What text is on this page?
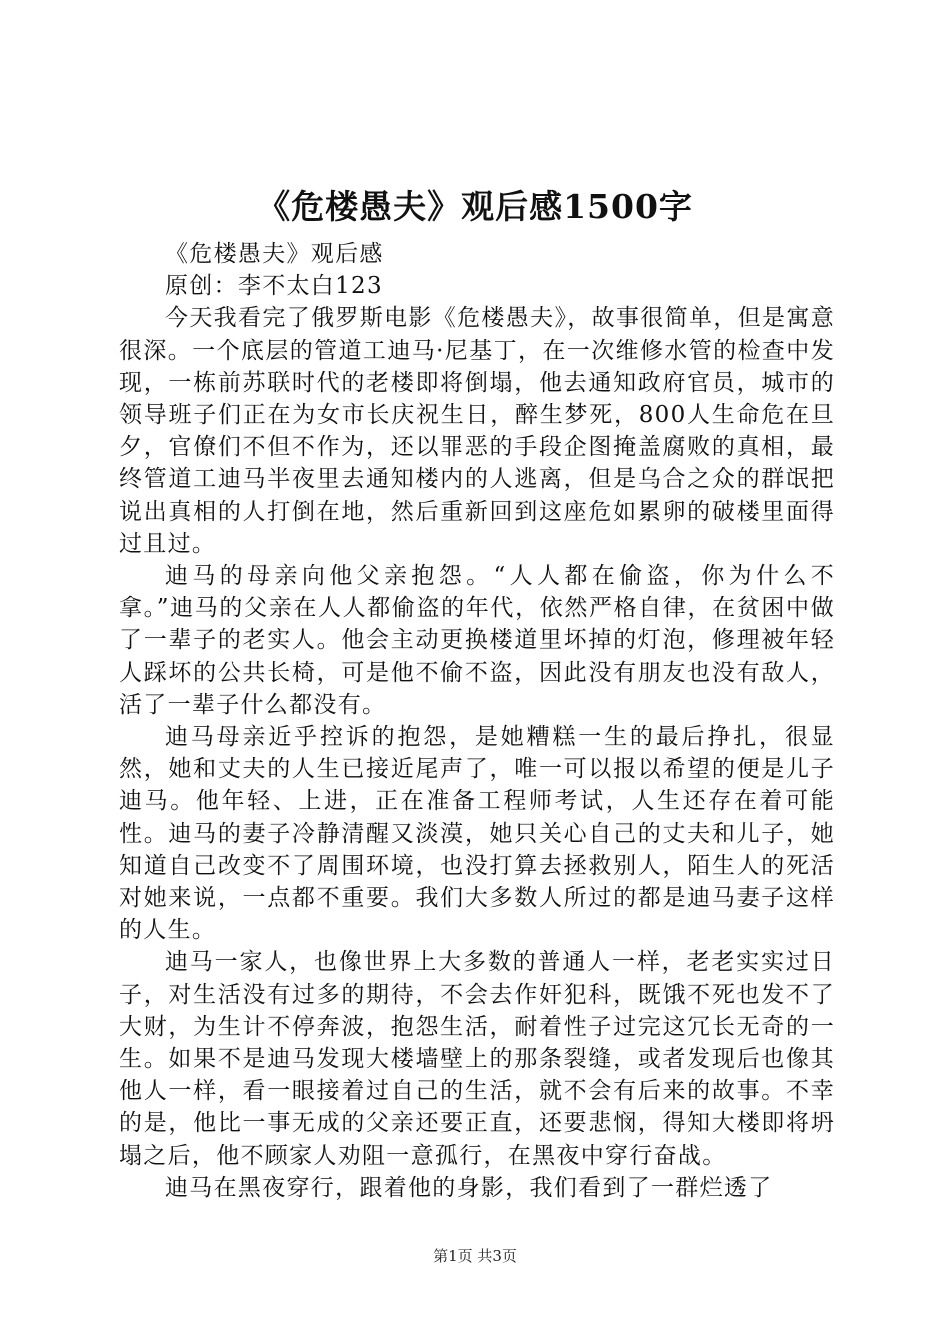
《危楼愚夫》观后感1500字

《危楼愚夫》观后感

原创：李不太白123

今天我看完了俄罗斯电影《危楼愚夫》，故事很简单，但是寓意很深。一个底层的管道工迪马·尼基丁，在一次维修水管的检查中发现，一栋前苏联时代的老楼即将倒塌，他去通知政府官员，城市的领导班子们正在为女市长庆祝生日，醉生梦死，800人生命危在旦夕，官僚们不但不作为，还以罪恶的手段企图掩盖腐败的真相，最终管道工迪马半夜里去通知楼内的人逃离，但是乌合之众的群氓把说出真相的人打倒在地，然后重新回到这座危如累卵的破楼里面得过且过。

迪马的母亲向他父亲抱怨。“人人都在偷盗，你为什么不拿。”迪马的父亲在人人都偷盗的年代，依然严格自律，在贫困中做了一辈子的老实人。他会主动更换楼道里坏掉的灯泡，修理被年轻人踩坏的公共长椅，可是他不偷不盗，因此没有朋友也没有敌人，活了一辈子什么都没有。

迪马母亲近乎控诉的抱怨，是她糟糕一生的最后挣扎，很显然，她和丈夫的人生已接近尾声了，唯一可以报以希望的便是儿子迪马。他年轻、上进，正在准备工程师考试，人生还存在着可能性。迪马的妻子冷静清醒又淡漠，她只关心自己的丈夫和儿子，她知道自己改变不了周围环境，也没打算去拯救别人，陌生人的死活对她来说，一点都不重要。我们大多数人所过的都是迪马妻子这样的人生。

迪马一家人，也像世界上大多数的普通人一样，老老实实过日子，对生活没有过多的期待，不会去作奸犯科，既饿不死也发不了大财，为生计不停奔波，抱怨生活，耐着性子过完这冗长无奇的一生。如果不是迪马发现大楼墙壁上的那条裂缝，或者发现后也像其他人一样，看一眼接着过自己的生活，就不会有后来的故事。不幸的是，他比一事无成的父亲还要正直，还要悲悯，得知大楼即将坍塌之后，他不顾家人劝阻一意孤行，在黑夜中穿行奋战。

迪马在黑夜穿行，跟着他的身影，我们看到了一群烂透了

第1页 共3页
